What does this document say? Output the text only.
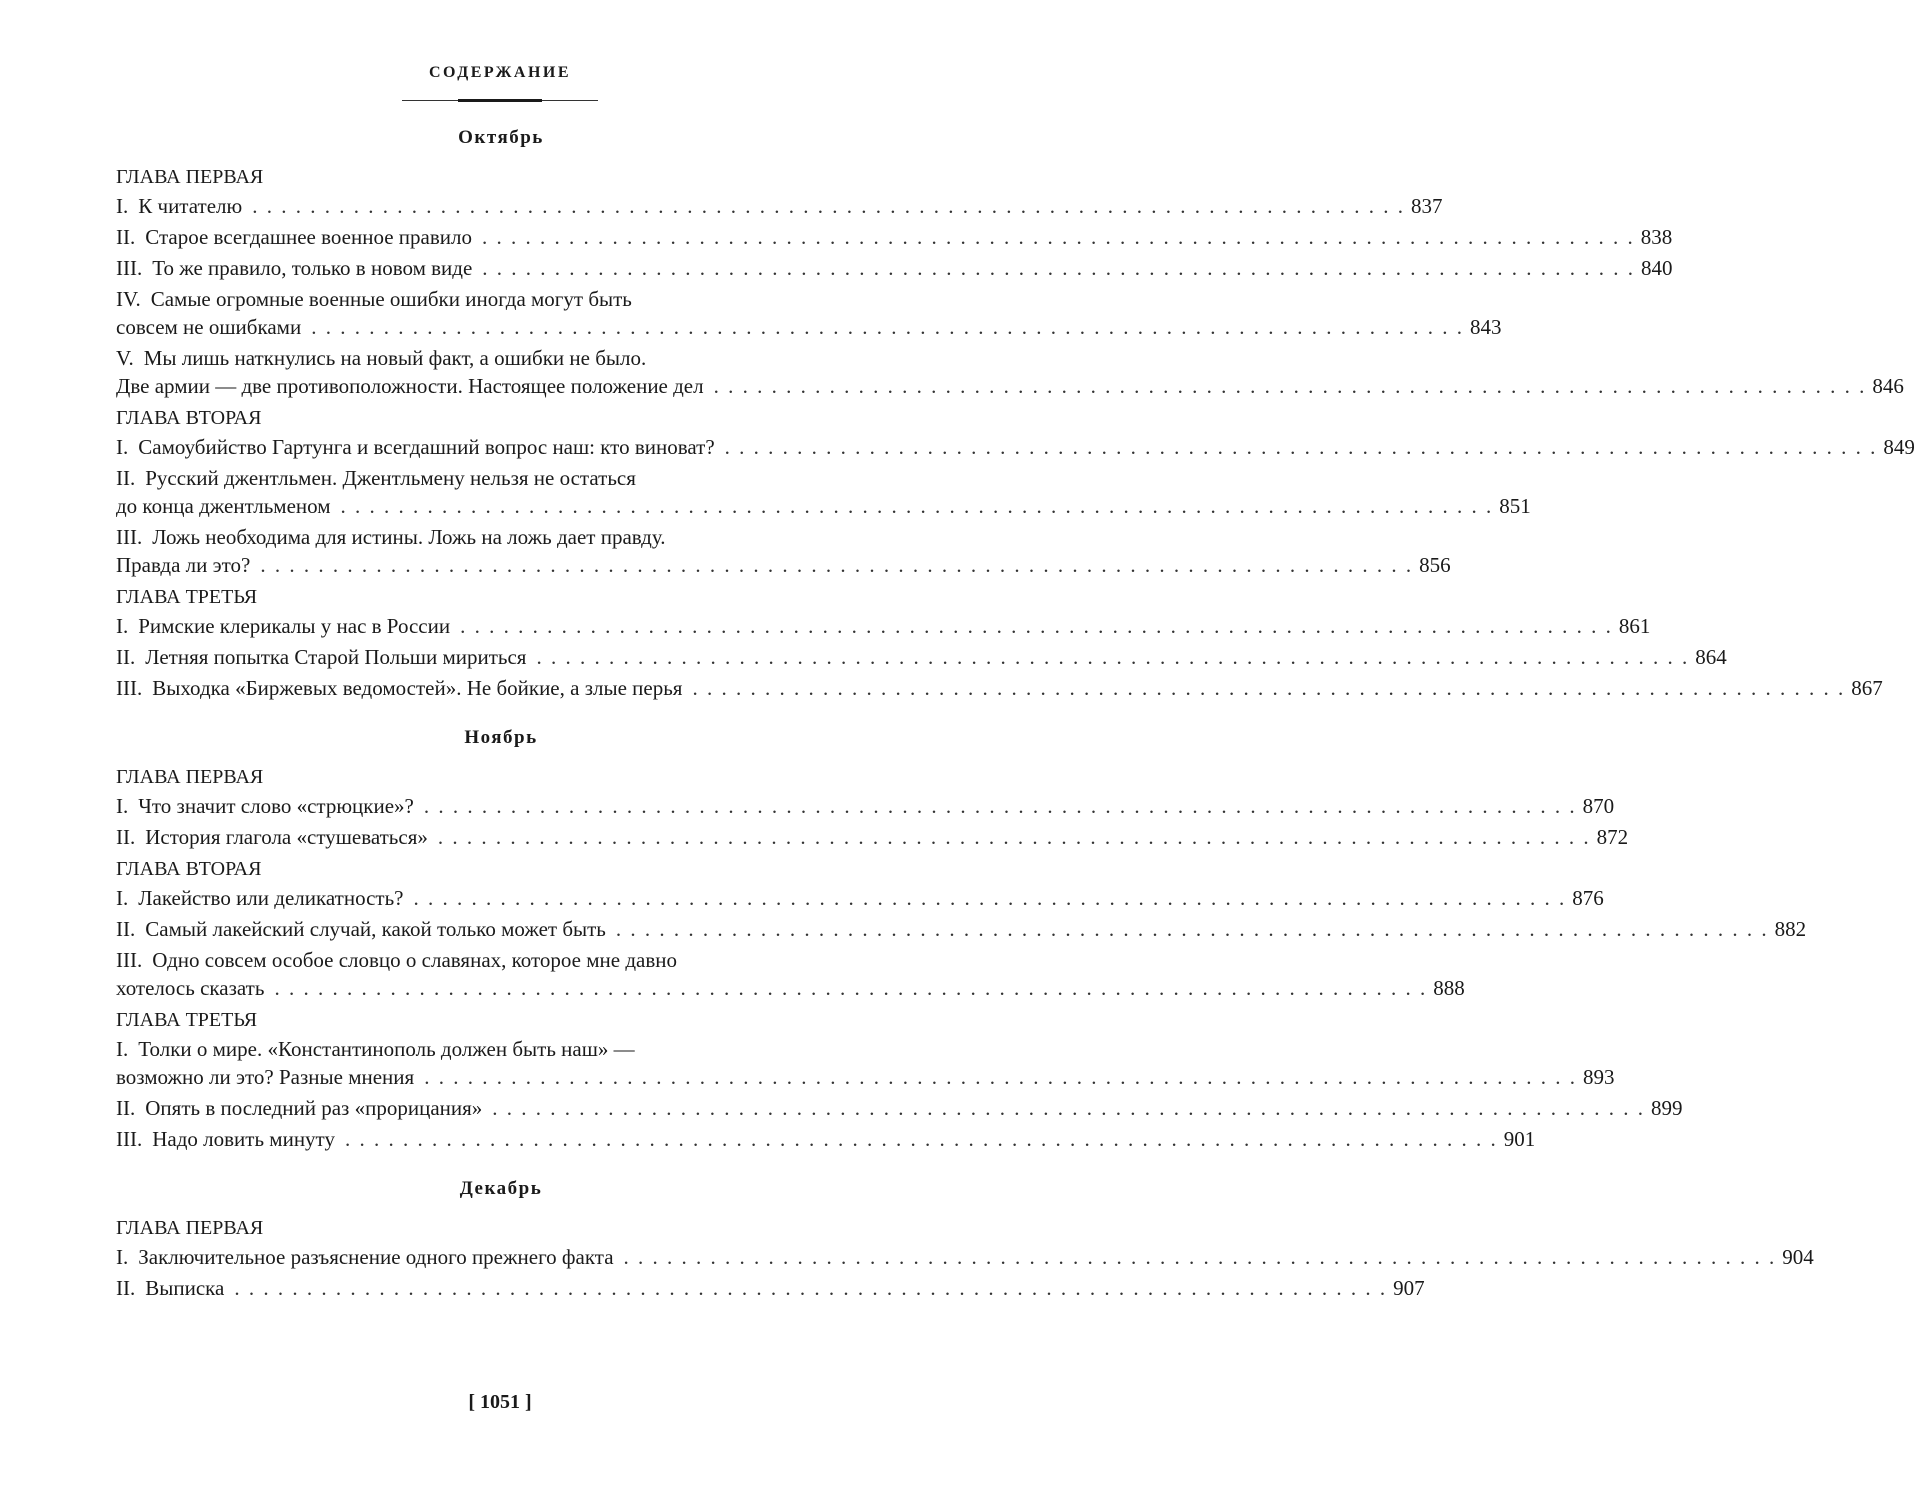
СОДЕРЖАНИЕ
Октябрь
ГЛАВА ПЕРВАЯ
I. К читателю . . . . . . . . . . . . . . . . . . . . . . . . . . . . . . . . . . . . . . . . . . . . . . . . . . . . . . . . . . . . . . . . . . . . . . . . . . . . . . . . 837
II. Старое всегдашнее военное правило . . . . . . . . . . . . . . . . . . . . . . . . . . . . . . . . . . . . . . . . . . . . . . . . . . . . . . . . . . . . . . . . . . . . . . . . . . . . . . . . 838
III. То же правило, только в новом виде . . . . . . . . . . . . . . . . . . . . . . . . . . . . . . . . . . . . . . . . . . . . . . . . . . . . . . . . . . . . . . . . . . . . . . . . . . . . . . . . 840
IV. Самые огромные военные ошибки иногда могут быть
совсем не ошибками . . . . . . . . . . . . . . . . . . . . . . . . . . . . . . . . . . . . . . . . . . . . . . . . . . . . . . . . . . . . . . . . . . . . . . . . . . . . . . . . 843
V. Мы лишь наткнулись на новый факт, а ошибки не было.
Две армии — две противоположности. Настоящее положение дел . . . . . . . . . . . . . . . . . . . . . . . . . . . . . . . . . . . . . . . . . . . . . . . . . . . . . . . . . . . . . . . . . . . . . . . . . . . . . . . . 846
ГЛАВА ВТОРАЯ
I. Самоубийство Гартунга и всегдашний вопрос наш: кто виноват? . . . . . . . . . . . . . . . . . . . . . . . . . . . . . . . . . . . . . . . . . . . . . . . . . . . . . . . . . . . . . . . . . . . . . . . . . . . . . . . . 849
II. Русский джентльмен. Джентльмену нельзя не остаться
до конца джентльменом . . . . . . . . . . . . . . . . . . . . . . . . . . . . . . . . . . . . . . . . . . . . . . . . . . . . . . . . . . . . . . . . . . . . . . . . . . . . . . . . 851
III. Ложь необходима для истины. Ложь на ложь дает правду.
Правда ли это? . . . . . . . . . . . . . . . . . . . . . . . . . . . . . . . . . . . . . . . . . . . . . . . . . . . . . . . . . . . . . . . . . . . . . . . . . . . . . . . . 856
ГЛАВА ТРЕТЬЯ
I. Римские клерикалы у нас в России . . . . . . . . . . . . . . . . . . . . . . . . . . . . . . . . . . . . . . . . . . . . . . . . . . . . . . . . . . . . . . . . . . . . . . . . . . . . . . . . 861
II. Летняя попытка Старой Польши мириться . . . . . . . . . . . . . . . . . . . . . . . . . . . . . . . . . . . . . . . . . . . . . . . . . . . . . . . . . . . . . . . . . . . . . . . . . . . . . . . . 864
III. Выходка «Биржевых ведомостей». Не бойкие, а злые перья . . . . . . . . . . . . . . . . . . . . . . . . . . . . . . . . . . . . . . . . . . . . . . . . . . . . . . . . . . . . . . . . . . . . . . . . . . . . . . . . 867
Ноябрь
ГЛАВА ПЕРВАЯ
I. Что значит слово «стрюцкие»? . . . . . . . . . . . . . . . . . . . . . . . . . . . . . . . . . . . . . . . . . . . . . . . . . . . . . . . . . . . . . . . . . . . . . . . . . . . . . . . . 870
II. История глагола «стушеваться» . . . . . . . . . . . . . . . . . . . . . . . . . . . . . . . . . . . . . . . . . . . . . . . . . . . . . . . . . . . . . . . . . . . . . . . . . . . . . . . . 872
ГЛАВА ВТОРАЯ
I. Лакейство или деликатность? . . . . . . . . . . . . . . . . . . . . . . . . . . . . . . . . . . . . . . . . . . . . . . . . . . . . . . . . . . . . . . . . . . . . . . . . . . . . . . . . 876
II. Самый лакейский случай, какой только может быть . . . . . . . . . . . . . . . . . . . . . . . . . . . . . . . . . . . . . . . . . . . . . . . . . . . . . . . . . . . . . . . . . . . . . . . . . . . . . . . . 882
III. Одно совсем особое словцо о славянах, которое мне давно
хотелось сказать . . . . . . . . . . . . . . . . . . . . . . . . . . . . . . . . . . . . . . . . . . . . . . . . . . . . . . . . . . . . . . . . . . . . . . . . . . . . . . . . 888
ГЛАВА ТРЕТЬЯ
I. Толки о мире. «Константинополь должен быть наш» —
возможно ли это? Разные мнения . . . . . . . . . . . . . . . . . . . . . . . . . . . . . . . . . . . . . . . . . . . . . . . . . . . . . . . . . . . . . . . . . . . . . . . . . . . . . . . . 893
II. Опять в последний раз «прорицания» . . . . . . . . . . . . . . . . . . . . . . . . . . . . . . . . . . . . . . . . . . . . . . . . . . . . . . . . . . . . . . . . . . . . . . . . . . . . . . . . 899
III. Надо ловить минуту . . . . . . . . . . . . . . . . . . . . . . . . . . . . . . . . . . . . . . . . . . . . . . . . . . . . . . . . . . . . . . . . . . . . . . . . . . . . . . . . 901
Декабрь
ГЛАВА ПЕРВАЯ
I. Заключительное разъяснение одного прежнего факта . . . . . . . . . . . . . . . . . . . . . . . . . . . . . . . . . . . . . . . . . . . . . . . . . . . . . . . . . . . . . . . . . . . . . . . . . . . . . . . . 904
II. Выписка . . . . . . . . . . . . . . . . . . . . . . . . . . . . . . . . . . . . . . . . . . . . . . . . . . . . . . . . . . . . . . . . . . . . . . . . . . . . . . . . 907
[ 1051 ]
